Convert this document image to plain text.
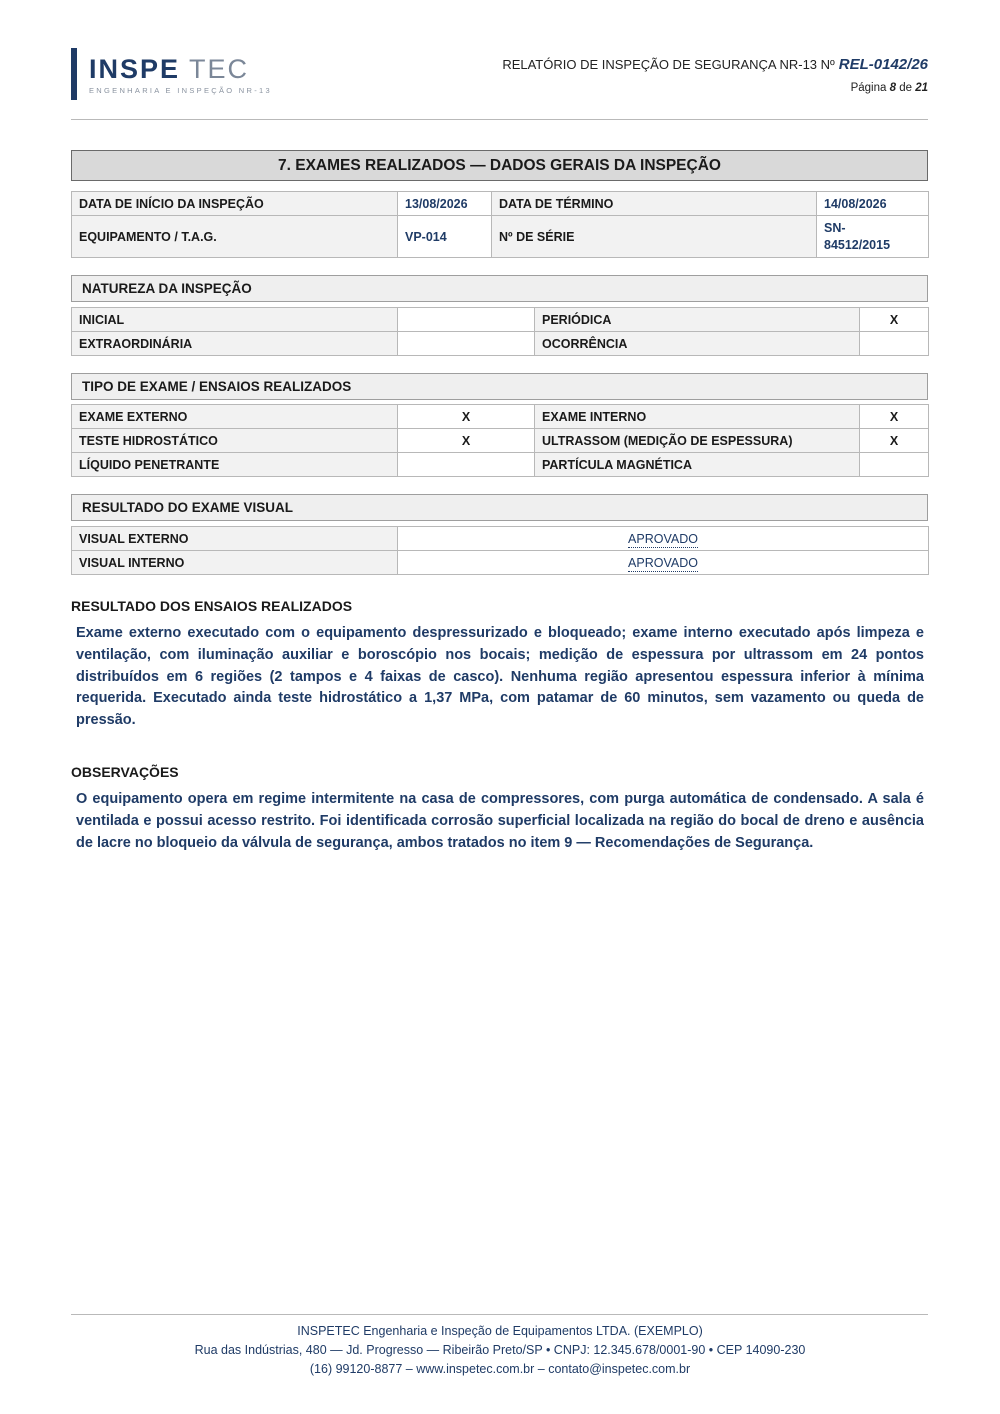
INSPE TEC
ENGENHARIA E INSPEÇÃO NR-13
RELATÓRIO DE INSPEÇÃO DE SEGURANÇA NR-13 Nº REL-0142/26
Página 8 de 21
7. EXAMES REALIZADOS — DADOS GERAIS DA INSPEÇÃO
DATA DE INÍCIO DA INSPEÇÃO	13/08/2026	DATA DE TÉRMINO	14/08/2026
EQUIPAMENTO / T.A.G.	VP-014	Nº DE SÉRIE	SN-
84512/2015
NATUREZA DA INSPEÇÃO
INICIAL		PERIÓDICA	X
EXTRAORDINÁRIA		OCORRÊNCIA	
TIPO DE EXAME / ENSAIOS REALIZADOS
EXAME EXTERNO	X	EXAME INTERNO	X
TESTE HIDROSTÁTICO	X	ULTRASSOM (MEDIÇÃO DE ESPESSURA)	X
LÍQUIDO PENETRANTE		PARTÍCULA MAGNÉTICA	
RESULTADO DO EXAME VISUAL
VISUAL EXTERNO	APROVADO
VISUAL INTERNO	APROVADO
RESULTADO DOS ENSAIOS REALIZADOS
Exame externo executado com o equipamento despressurizado e bloqueado; exame interno executado após limpeza e ventilação, com iluminação auxiliar e boroscópio nos bocais; medição de espessura por ultrassom em 24 pontos distribuídos em 6 regiões (2 tampos e 4 faixas de casco). Nenhuma região apresentou espessura inferior à mínima requerida. Executado ainda teste hidrostático a 1,37 MPa, com patamar de 60 minutos, sem vazamento ou queda de pressão.
OBSERVAÇÕES
O equipamento opera em regime intermitente na casa de compressores, com purga automática de condensado. A sala é ventilada e possui acesso restrito. Foi identificada corrosão superficial localizada na região do bocal de dreno e ausência de lacre no bloqueio da válvula de segurança, ambos tratados no item 9 — Recomendações de Segurança.
INSPETEC Engenharia e Inspeção de Equipamentos LTDA. (EXEMPLO)
Rua das Indústrias, 480 — Jd. Progresso — Ribeirão Preto/SP • CNPJ: 12.345.678/0001-90 • CEP 14090-230
(16) 99120-8877 – www.inspetec.com.br – contato@inspetec.com.br
